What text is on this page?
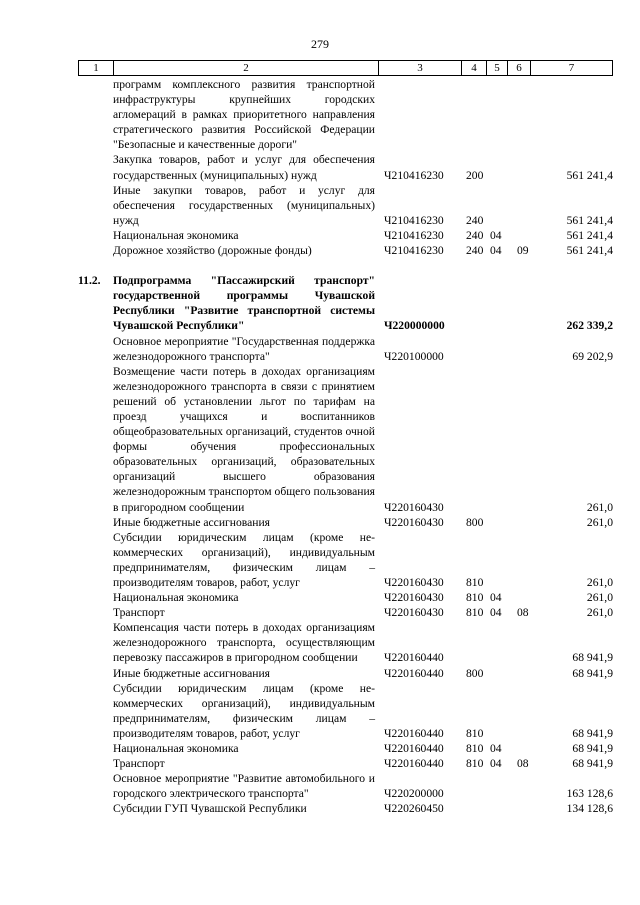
279
1	2	3	4	5	6	7
программ комплексного развития транспортной инфраструктуры крупнейших городских агломераций в рамках приоритетного направления стратегического развития Российской Федерации "Безопасные и качественные дороги"
Закупка товаров, работ и услуг для обеспечения государственных (муниципальных) нужд	Ч210416230 200	561 241,4
Иные закупки товаров, работ и услуг для обеспечения государственных (муниципальных) нужд	Ч210416230 240	561 241,4
Национальная экономика	Ч210416230 240 04	561 241,4
Дорожное хозяйство (дорожные фонды)	Ч210416230 240 04 09	561 241,4
11.2.	Подпрограмма "Пассажирский транспорт" государственной программы Чувашской Республики "Развитие транспортной системы Чувашской Республики"	Ч220000000	262 339,2
Основное мероприятие "Государственная поддержка железнодорожного транспорта"	Ч220100000	69 202,9
Возмещение части потерь в доходах организациям железнодорожного транспорта в связи с принятием решений об установлении льгот по тарифам на проезд учащихся и воспитанников общеобразовательных организаций, студентов очной формы обучения профессиональных образовательных организаций, образовательных организаций высшего образования железнодорожным транспортом общего пользования в пригородном сообщении	Ч220160430	261,0
Иные бюджетные ассигнования	Ч220160430 800	261,0
Субсидии юридическим лицам (кроме некоммерческих организаций), индивидуальным предпринимателям, физическим лицам – производителям товаров, работ, услуг	Ч220160430 810	261,0
Национальная экономика	Ч220160430 810 04	261,0
Транспорт	Ч220160430 810 04 08	261,0
Компенсация части потерь в доходах организациям железнодорожного транспорта, осуществляющим перевозку пассажиров в пригородном сообщении	Ч220160440	68 941,9
Иные бюджетные ассигнования	Ч220160440 800	68 941,9
Субсидии юридическим лицам (кроме некоммерческих организаций), индивидуальным предпринимателям, физическим лицам – производителям товаров, работ, услуг	Ч220160440 810	68 941,9
Национальная экономика	Ч220160440 810 04	68 941,9
Транспорт	Ч220160440 810 04 08	68 941,9
Основное мероприятие "Развитие автомобильного и городского электрического транспорта"	Ч220200000	163 128,6
Субсидии ГУП Чувашской Республики	Ч220260450	134 128,6
